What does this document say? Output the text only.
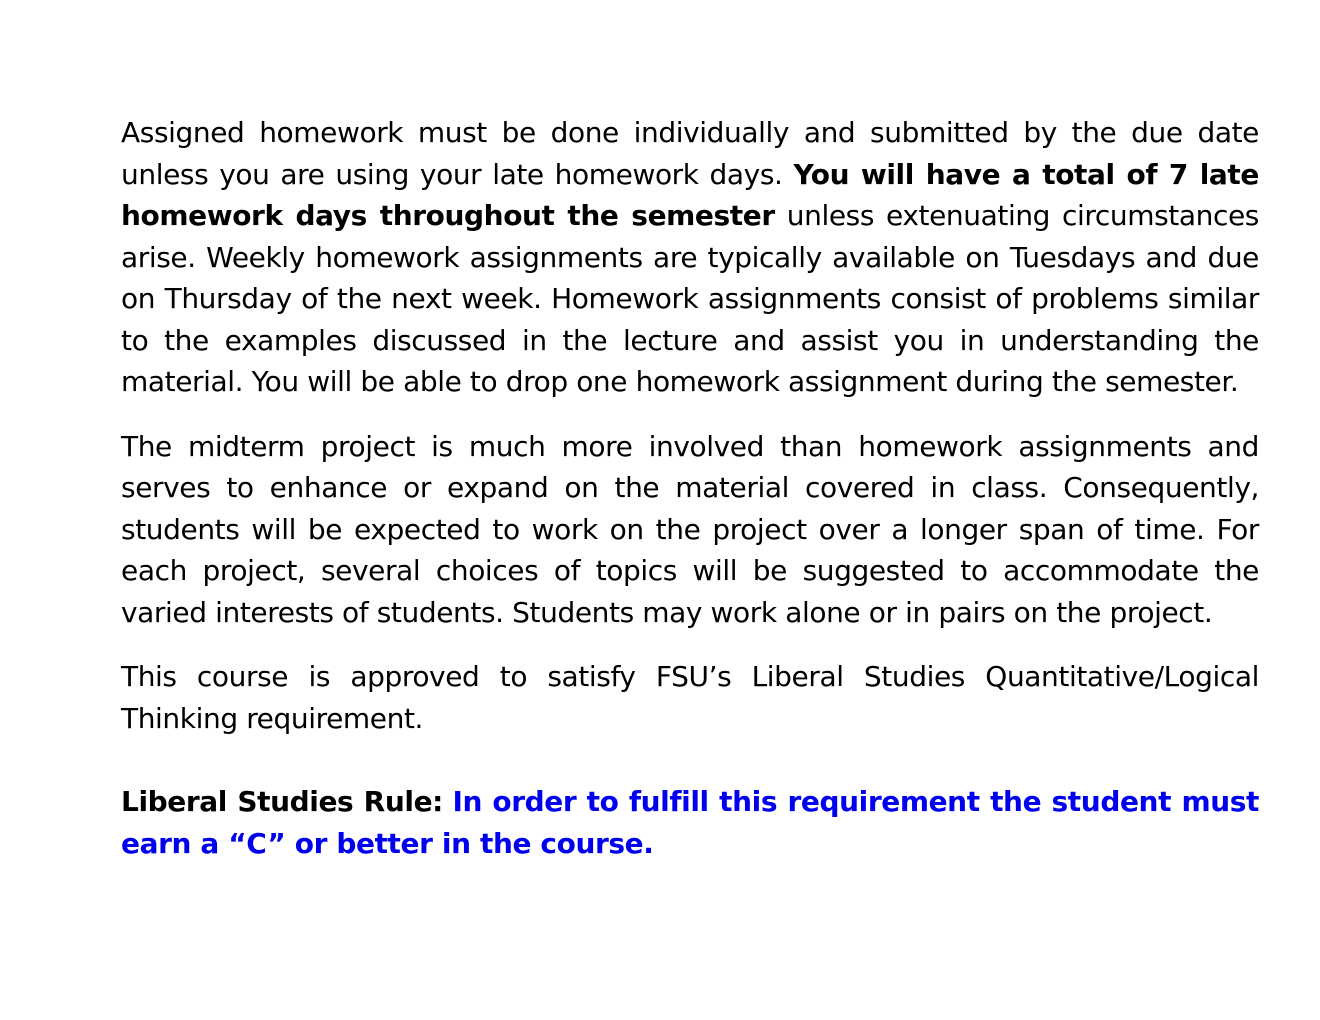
Assigned homework must be done individually and submitted by the due date unless you are using your late homework days. You will have a total of 7 late homework days throughout the semester unless extenuating circumstances arise. Weekly homework assignments are typically available on Tuesdays and due on Thursday of the next week. Homework assignments consist of problems similar to the examples discussed in the lecture and assist you in understanding the material. You will be able to drop one homework assignment during the semester.

The midterm project is much more involved than homework assignments and serves to enhance or expand on the material covered in class. Consequently, students will be expected to work on the project over a longer span of time. For each project, several choices of topics will be suggested to accommodate the varied interests of students. Students may work alone or in pairs on the project.

This course is approved to satisfy FSU’s Liberal Studies Quantitative/Logical Thinking requirement.

Liberal Studies Rule: In order to fulfill this requirement the student must earn a “C” or better in the course.
